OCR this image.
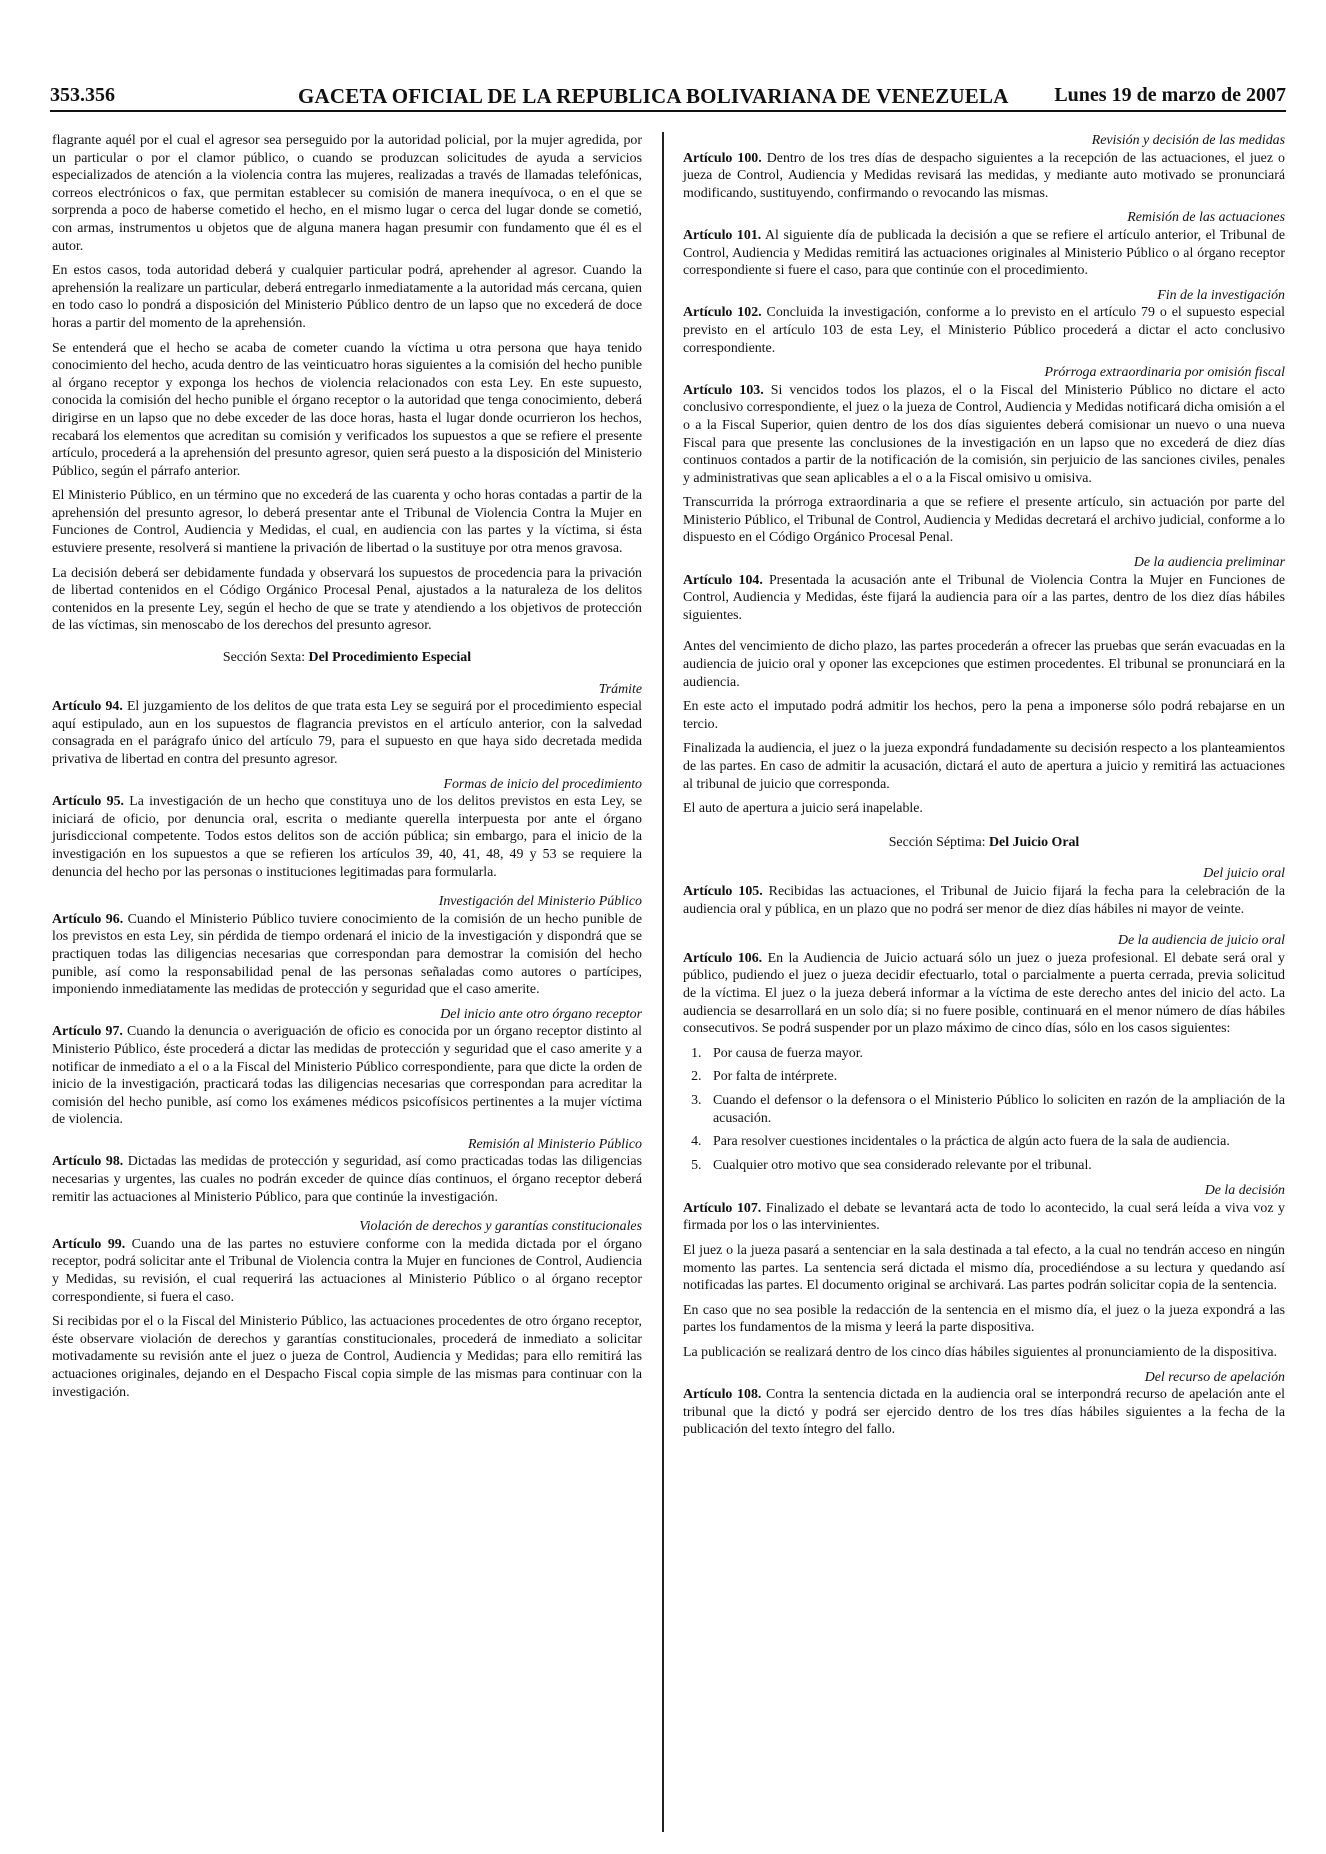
353.356	GACETA OFICIAL DE LA REPUBLICA BOLIVARIANA DE VENEZUELA Lunes 19 de marzo de 2007

flagrante aquél por el cual el agresor sea perseguido por la autoridad policial, por la mujer agredida, por un particular o por el clamor público, o cuando se produzcan solicitudes de ayuda a servicios especializados de atención a la violencia contra las mujeres, realizadas a través de llamadas telefónicas, correos electrónicos o fax, que permitan establecer su comisión de manera inequívoca, o en el que se sorprenda a poco de haberse cometido el hecho, en el mismo lugar o cerca del lugar donde se cometió, con armas, instrumentos u objetos que de alguna manera hagan presumir con fundamento que él es el autor.

En estos casos, toda autoridad deberá y cualquier particular podrá, aprehender al agresor. Cuando la aprehensión la realizare un particular, deberá entregarlo inmediatamente a la autoridad más cercana, quien en todo caso lo pondrá a disposición del Ministerio Público dentro de un lapso que no excederá de doce horas a partir del momento de la aprehensión.

Se entenderá que el hecho se acaba de cometer cuando la víctima u otra persona que haya tenido conocimiento del hecho, acuda dentro de las veinticuatro horas siguientes a la comisión del hecho punible al órgano receptor y exponga los hechos de violencia relacionados con esta Ley. En este supuesto, conocida la comisión del hecho punible el órgano receptor o la autoridad que tenga conocimiento, deberá dirigirse en un lapso que no debe exceder de las doce horas, hasta el lugar donde ocurrieron los hechos, recabará los elementos que acreditan su comisión y verificados los supuestos a que se refiere el presente artículo, procederá a la aprehensión del presunto agresor, quien será puesto a la disposición del Ministerio Público, según el párrafo anterior.

El Ministerio Público, en un término que no excederá de las cuarenta y ocho horas contadas a partir de la aprehensión del presunto agresor, lo deberá presentar ante el Tribunal de Violencia Contra la Mujer en Funciones de Control, Audiencia y Medidas, el cual, en audiencia con las partes y la víctima, si ésta estuviere presente, resolverá si mantiene la privación de libertad o la sustituye por otra menos gravosa.

La decisión deberá ser debidamente fundada y observará los supuestos de procedencia para la privación de libertad contenidos en el Código Orgánico Procesal Penal, ajustados a la naturaleza de los delitos contenidos en la presente Ley, según el hecho de que se trate y atendiendo a los objetivos de protección de las víctimas, sin menoscabo de los derechos del presunto agresor.

Sección Sexta: Del Procedimiento Especial
Trámite

Artículo 94. El juzgamiento de los delitos de que trata esta Ley se seguirá por el procedimiento especial aquí estipulado, aun en los supuestos de flagrancia previstos en el artículo anterior, con la salvedad consagrada en el parágrafo único del artículo 79, para el supuesto en que haya sido decretada medida privativa de libertad en contra del presunto agresor.

Formas de inicio del procedimiento

Artículo 95. La investigación de un hecho que constituya uno de los delitos previstos en esta Ley, se iniciará de oficio, por denuncia oral, escrita o mediante querella interpuesta por ante el órgano jurisdiccional competente. Todos estos delitos son de acción pública; sin embargo, para el inicio de la investigación en los supuestos a que se refieren los artículos 39, 40, 41, 48, 49 y 53 se requiere la denuncia del hecho por las personas o instituciones legitimadas para formularla.

Investigación del Ministerio Público

Artículo 96. Cuando el Ministerio Público tuviere conocimiento de la comisión de un hecho punible de los previstos en esta Ley, sin pérdida de tiempo ordenará el inicio de la investigación y dispondrá que se practiquen todas las diligencias necesarias que correspondan para demostrar la comisión del hecho punible, así como la responsabilidad penal de las personas señaladas como autores o partícipes, imponiendo inmediatamente las medidas de protección y seguridad que el caso amerite.

Del inicio ante otro órgano receptor

Artículo 97. Cuando la denuncia o averiguación de oficio es conocida por un órgano receptor distinto al Ministerio Público, éste procederá a dictar las medidas de protección y seguridad que el caso amerite y a notificar de inmediato a el o a la Fiscal del Ministerio Público correspondiente, para que dicte la orden de inicio de la investigación, practicará todas las diligencias necesarias que correspondan para acreditar la comisión del hecho punible, así como los exámenes médicos psicofísicos pertinentes a la mujer víctima de violencia.

Remisión al Ministerio Público

Artículo 98. Dictadas las medidas de protección y seguridad, así como practicadas todas las diligencias necesarias y urgentes, las cuales no podrán exceder de quince días continuos, el órgano receptor deberá remitir las actuaciones al Ministerio Público, para que continúe la investigación.

Violación de derechos y garantías constitucionales

Artículo 99. Cuando una de las partes no estuviere conforme con la medida dictada por el órgano receptor, podrá solicitar ante el Tribunal de Violencia contra la Mujer en funciones de Control, Audiencia y Medidas, su revisión, el cual requerirá las actuaciones al Ministerio Público o al órgano receptor correspondiente, si fuera el caso.

Si recibidas por el o la Fiscal del Ministerio Público, las actuaciones procedentes de otro órgano receptor, éste observare violación de derechos y garantías constitucionales, procederá de inmediato a solicitar motivadamente su revisión ante el juez o jueza de Control, Audiencia y Medidas; para ello remitirá las actuaciones originales, dejando en el Despacho Fiscal copia simple de las mismas para continuar con la investigación.

Revisión y decisión de las medidas

Artículo 100. Dentro de los tres días de despacho siguientes a la recepción de las actuaciones, el juez o jueza de Control, Audiencia y Medidas revisará las medidas, y mediante auto motivado se pronunciará modificando, sustituyendo, confirmando o revocando las mismas.

Remisión de las actuaciones

Artículo 101. Al siguiente día de publicada la decisión a que se refiere el artículo anterior, el Tribunal de Control, Audiencia y Medidas remitirá las actuaciones originales al Ministerio Público o al órgano receptor correspondiente si fuere el caso, para que continúe con el procedimiento.

Fin de la investigación

Artículo 102. Concluida la investigación, conforme a lo previsto en el artículo 79 o el supuesto especial previsto en el artículo 103 de esta Ley, el Ministerio Público procederá a dictar el acto conclusivo correspondiente.

Prórroga extraordinaria por omisión fiscal

Artículo 103. Si vencidos todos los plazos, el o la Fiscal del Ministerio Público no dictare el acto conclusivo correspondiente, el juez o la jueza de Control, Audiencia y Medidas notificará dicha omisión a el o a la Fiscal Superior, quien dentro de los dos días siguientes deberá comisionar un nuevo o una nueva Fiscal para que presente las conclusiones de la investigación en un lapso que no excederá de diez días continuos contados a partir de la notificación de la comisión, sin perjuicio de las sanciones civiles, penales y administrativas que sean aplicables a el o a la Fiscal omisivo u omisiva.

Transcurrida la prórroga extraordinaria a que se refiere el presente artículo, sin actuación por parte del Ministerio Público, el Tribunal de Control, Audiencia y Medidas decretará el archivo judicial, conforme a lo dispuesto en el Código Orgánico Procesal Penal.

De la audiencia preliminar

Artículo 104. Presentada la acusación ante el Tribunal de Violencia Contra la Mujer en Funciones de Control, Audiencia y Medidas, éste fijará la audiencia para oír a las partes, dentro de los diez días hábiles siguientes.

Antes del vencimiento de dicho plazo, las partes procederán a ofrecer las pruebas que serán evacuadas en la audiencia de juicio oral y oponer las excepciones que estimen procedentes. El tribunal se pronunciará en la audiencia.

En este acto el imputado podrá admitir los hechos, pero la pena a imponerse sólo podrá rebajarse en un tercio.

Finalizada la audiencia, el juez o la jueza expondrá fundadamente su decisión respecto a los planteamientos de las partes. En caso de admitir la acusación, dictará el auto de apertura a juicio y remitirá las actuaciones al tribunal de juicio que corresponda.

El auto de apertura a juicio será inapelable.

Sección Séptima: Del Juicio Oral
Del juicio oral

Artículo 105. Recibidas las actuaciones, el Tribunal de Juicio fijará la fecha para la celebración de la audiencia oral y pública, en un plazo que no podrá ser menor de diez días hábiles ni mayor de veinte.

De la audiencia de juicio oral

Artículo 106. En la Audiencia de Juicio actuará sólo un juez o jueza profesional. El debate será oral y público, pudiendo el juez o jueza decidir efectuarlo, total o parcialmente a puerta cerrada, previa solicitud de la víctima. El juez o la jueza deberá informar a la víctima de este derecho antes del inicio del acto. La audiencia se desarrollará en un solo día; si no fuere posible, continuará en el menor número de días hábiles consecutivos. Se podrá suspender por un plazo máximo de cinco días, sólo en los casos siguientes:

1. Por causa de fuerza mayor.
2. Por falta de intérprete.
3. Cuando el defensor o la defensora o el Ministerio Público lo soliciten en razón de la ampliación de la acusación.
4. Para resolver cuestiones incidentales o la práctica de algún acto fuera de la sala de audiencia.
5. Cualquier otro motivo que sea considerado relevante por el tribunal.
De la decisión

Artículo 107. Finalizado el debate se levantará acta de todo lo acontecido, la cual será leída a viva voz y firmada por los o las intervinientes.

El juez o la jueza pasará a sentenciar en la sala destinada a tal efecto, a la cual no tendrán acceso en ningún momento las partes. La sentencia será dictada el mismo día, procediéndose a su lectura y quedando así notificadas las partes. El documento original se archivará. Las partes podrán solicitar copia de la sentencia.

En caso que no sea posible la redacción de la sentencia en el mismo día, el juez o la jueza expondrá a las partes los fundamentos de la misma y leerá la parte dispositiva.

La publicación se realizará dentro de los cinco días hábiles siguientes al pronunciamiento de la dispositiva.

Del recurso de apelación

Artículo 108. Contra la sentencia dictada en la audiencia oral se interpondrá recurso de apelación ante el tribunal que la dictó y podrá ser ejercido dentro de los tres días hábiles siguientes a la fecha de la publicación del texto íntegro del fallo.
